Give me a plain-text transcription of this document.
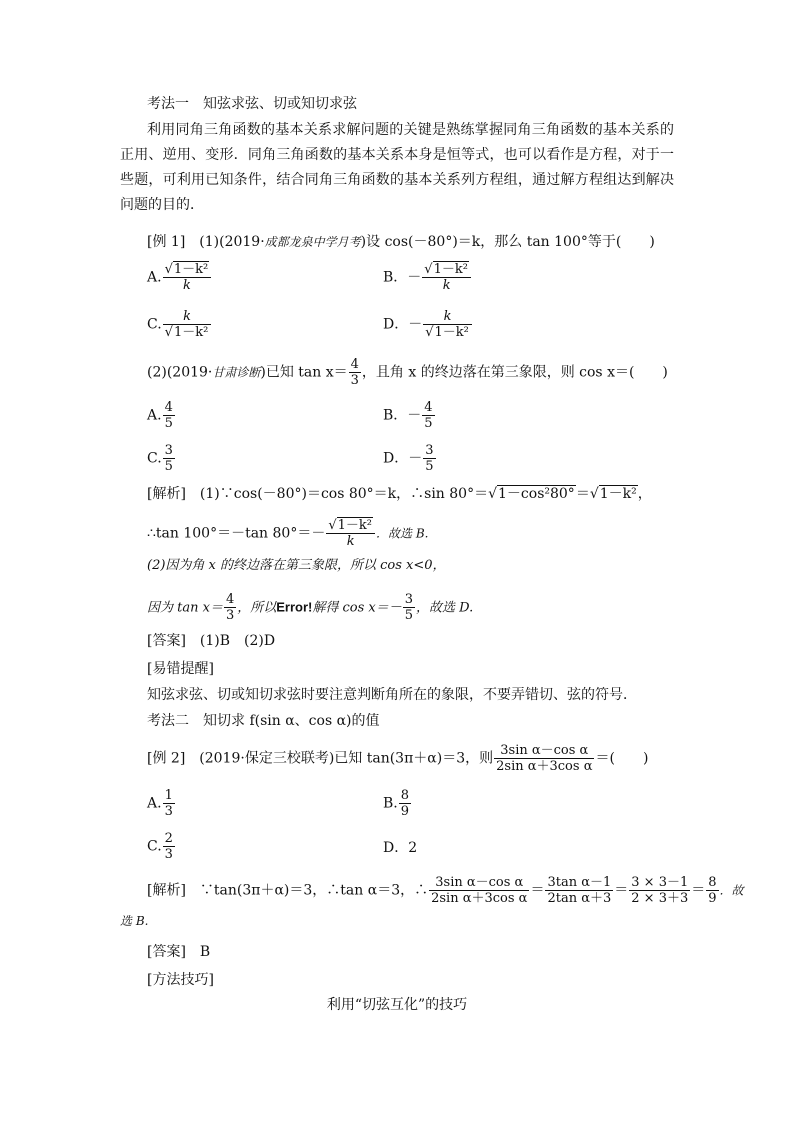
考法一　知弦求弦、切或知切求弦
利用同角三角函数的基本关系求解问题的关键是熟练掌握同角三角函数的基本关系的正用、逆用、变形．同角三角函数的基本关系本身是恒等式，也可以看作是方程，对于一些题，可利用已知条件，结合同角三角函数的基本关系列方程组，通过解方程组达到解决问题的目的．
[例 1]　(1)(2019·成都龙泉中学月考)设 cos(－80°)＝k，那么 tan 100°等于(　　)
A. $\frac{\text{√1－k²}}{k}$	B．－ $\frac{\text{√1－k²}}{k}$
C. $\frac{k}{\text{√1－k²}}$	D．－ $\frac{k}{\text{√1－k²}}$
(2)(2019·甘肃诊断)已知 $\tan x= \frac{4}{3}$ ，且角 x 的终边落在第三象限，则 cos x＝(　　)
A. $\frac{4}{5}$	B．－ $\frac{4}{5}$
C. $\frac{3}{5}$	D．－ $\frac{3}{5}$
[解析]　(1)∵cos(－80°)＝cos 80°＝k，∴sin 80°＝√1－cos²80°＝√1－k²，
∴tan 100°＝－tan $80^\circ=- \frac{\text{√1－k²}}{k}$ ．故选 B.
(2)因为角 x 的终边落在第三象限，所以 cos x<0，
因为 $\tan x= \frac{4}{3}$ ，所以Error!解得 $\cos x=- \frac{3}{5}$ ，故选 D.
[答案]　(1)B　(2)D
[易错提醒]
知弦求弦、切或知切求弦时要注意判断角所在的象限，不要弄错切、弦的符号．
考法二　知切求 f(sin α、cos α)的值
[例 2]　(2019·保定三校联考)已知 tan(3π＋α)＝3，则 $\frac{\text{3sin α－cos α}}{\text{2sin α＋3cos α}}$ ＝(　　)
A. $\frac{1}{3}$	B. $\frac{8}{9}$
C. $\frac{2}{3}$	D．2
[解析]　∵tan(3π＋α)＝3，∴tan α＝3，∴ $\frac{\text{3sin α－cos α}}{\text{2sin α＋3cos α}} = \frac{\text{3tan α－1}}{\text{2tan α＋3}} = \frac{3 \times 3-1}{2 \times 3+3} = \frac{8}{9}$ ．故
选 B.
[答案]　B
[方法技巧]
利用“切弦互化”的技巧
